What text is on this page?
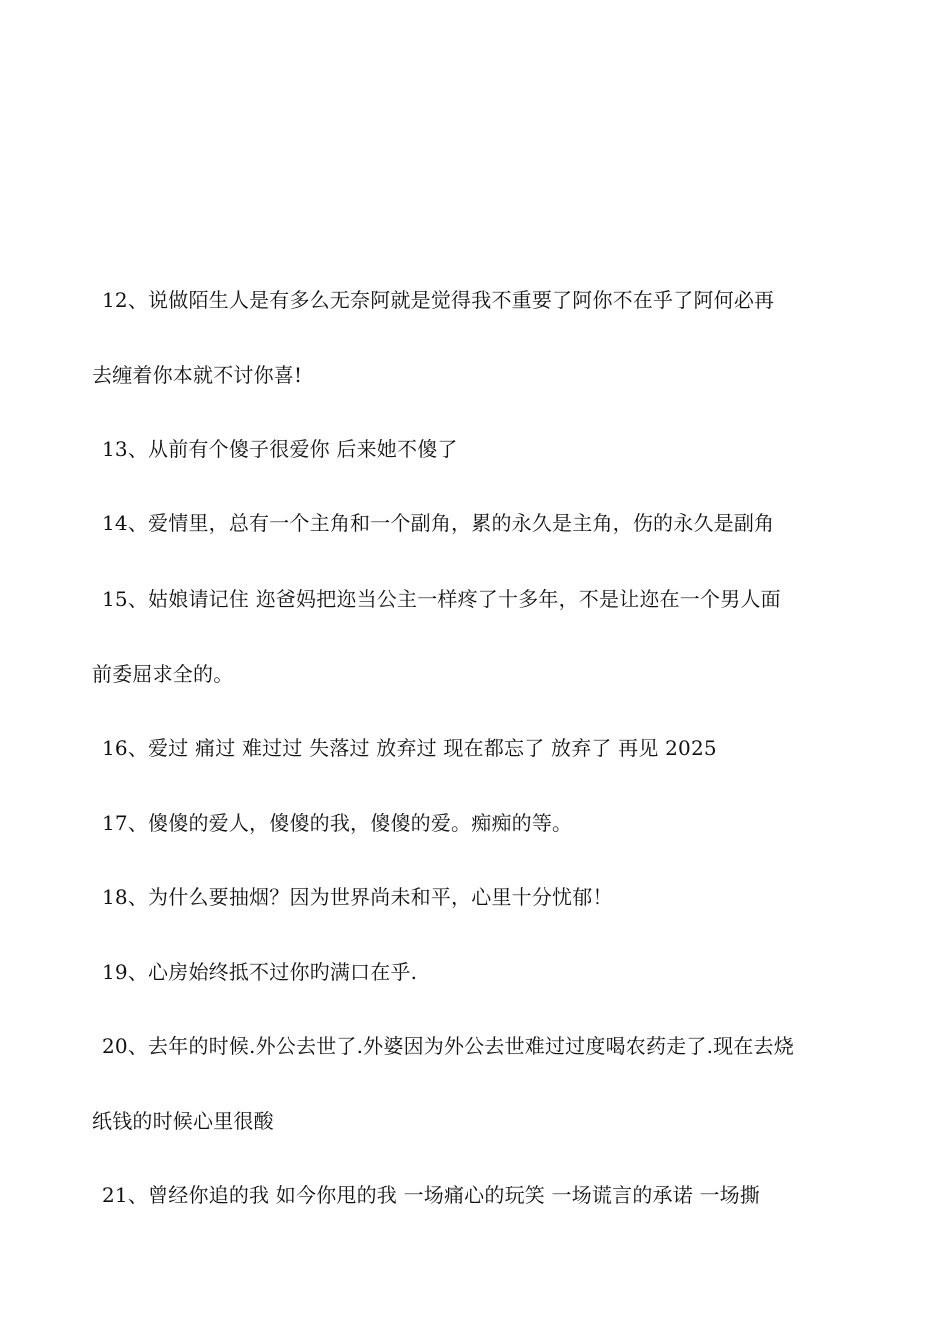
12、说做陌生人是有多么无奈阿就是觉得我不重要了阿你不在乎了阿何必再
去缠着你本就不讨你喜!
13、从前有个傻子很爱你 后来她不傻了
14、爱情里，总有一个主角和一个副角，累的永久是主角，伤的永久是副角
15、姑娘请记住 迩爸妈把迩当公主一样疼了十多年，不是让迩在一个男人面
前委屈求全的。
16、爱过 痛过 难过过 失落过 放弃过 现在都忘了 放弃了 再见 2025
17、傻傻的爱人，傻傻的我，傻傻的爱。痴痴的等。
18、为什么要抽烟？因为世界尚未和平，心里十分忧郁！
19、心房始终抵不过你旳满口在乎.
20、去年的时候.外公去世了.外婆因为外公去世难过过度喝农药走了.现在去烧
纸钱的时候心里很酸
21、曾经你追的我 如今你甩的我 一场痛心的玩笑 一场谎言的承诺 一场撕
